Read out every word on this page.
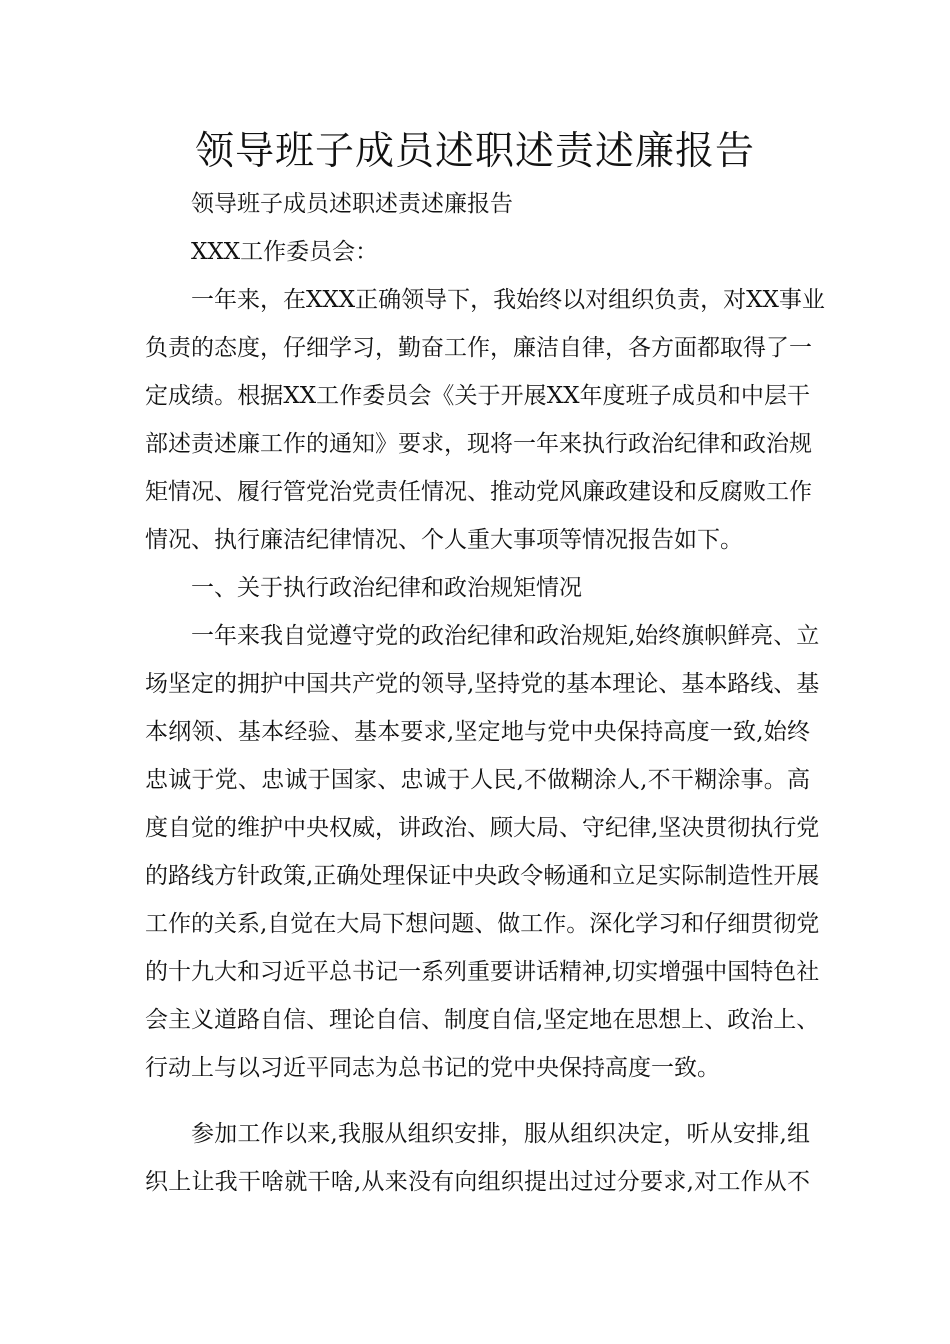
领导班子成员述职述责述廉报告
领导班子成员述职述责述廉报告
XXX工作委员会：
一年来，在XXX正确领导下，我始终以对组织负责，对XX事业
负责的态度，仔细学习，勤奋工作，廉洁自律，各方面都取得了一
定成绩。根据XX工作委员会《关于开展XX年度班子成员和中层干
部述责述廉工作的通知》要求，现将一年来执行政治纪律和政治规
矩情况、履行管党治党责任情况、推动党风廉政建设和反腐败工作
情况、执行廉洁纪律情况、个人重大事项等情况报告如下。
一、关于执行政治纪律和政治规矩情况
一年来我自觉遵守党的政治纪律和政治规矩,始终旗帜鲜亮、立
场坚定的拥护中国共产党的领导,坚持党的基本理论、基本路线、基
本纲领、基本经验、基本要求,坚定地与党中央保持高度一致,始终
忠诚于党、忠诚于国家、忠诚于人民,不做糊涂人,不干糊涂事。高
度自觉的维护中央权威，讲政治、顾大局、守纪律,坚决贯彻执行党
的路线方针政策,正确处理保证中央政令畅通和立足实际制造性开展
工作的关系,自觉在大局下想问题、做工作。深化学习和仔细贯彻党
的十九大和习近平总书记一系列重要讲话精神,切实增强中国特色社
会主义道路自信、理论自信、制度自信,坚定地在思想上、政治上、
行动上与以习近平同志为总书记的党中央保持高度一致。
参加工作以来,我服从组织安排，服从组织决定，听从安排,组
织上让我干啥就干啥,从来没有向组织提出过过分要求,对工作从不
